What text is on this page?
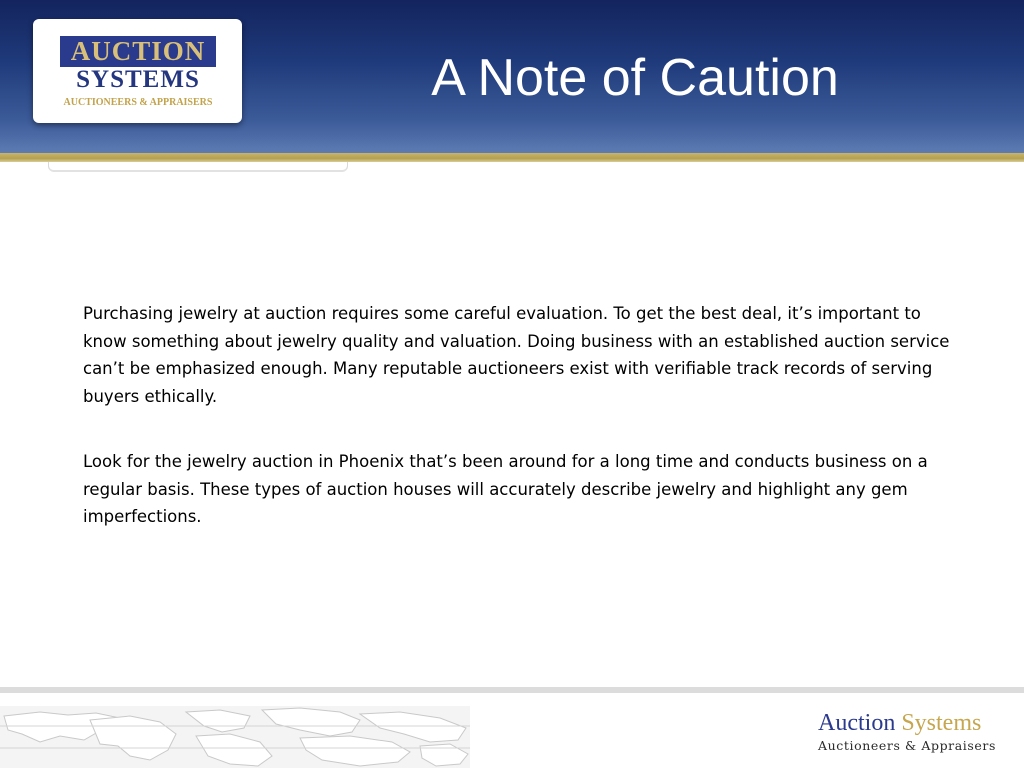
AUCTION
SYSTEMS
AUCTIONEERS & APPRAISERS	A Note of Caution

Purchasing jewelry at auction requires some careful evaluation. To get the best deal, it’s important to know something about jewelry quality and valuation. Doing business with an established auction service can’t be emphasized enough. Many reputable auctioneers exist with verifiable track records of serving buyers ethically.

Look for the jewelry auction in Phoenix that’s been around for a long time and conducts business on a regular basis. These types of auction houses will accurately describe jewelry and highlight any gem imperfections.

Auction Systems
Auctioneers & Appraisers
